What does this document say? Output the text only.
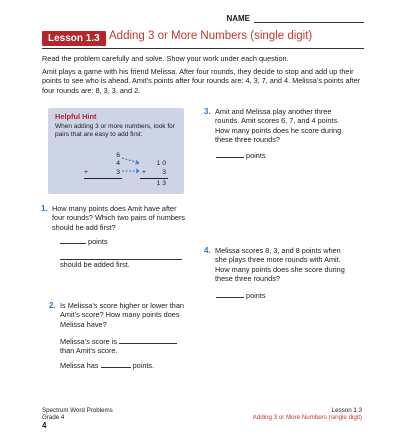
NAME
Lesson 1.3 Adding 3 or More Numbers (single digit)

Read the problem carefully and solve. Show your work under each question.

Amit plays a game with his friend Melissa. After four rounds, they decide to stop and add up their points to see who is ahead. Amit’s points after four rounds are: 4, 3, 7, and 4. Melissa’s points after four rounds are: 8, 3, 3, and 2.

Helpful Hint
When adding 3 or more numbers, look for pairs that are easy to add first:
6
4
+	3
1 0
+	3
1 3
1. How many points does Amit have after four rounds? Which two pairs of numbers should he add first?
points
should be added first.
2. Is Melissa’s score higher or lower than Amit’s score? How many points does Melissa have?
Melissa’s score is
than Amit’s score.
Melissa has	points.
3. Amit and Melissa play another three rounds. Amit scores 6, 7, and 4 points. How many points does he score during these three rounds?
points
4. Melissa scores 8, 3, and 8 points when she plays three more rounds with Amit. How many points does she score during these three rounds?
points
Spectrum Word Problems
Grade 4
4
Lesson 1.3
Adding 3 or More Numbers (single digit)
